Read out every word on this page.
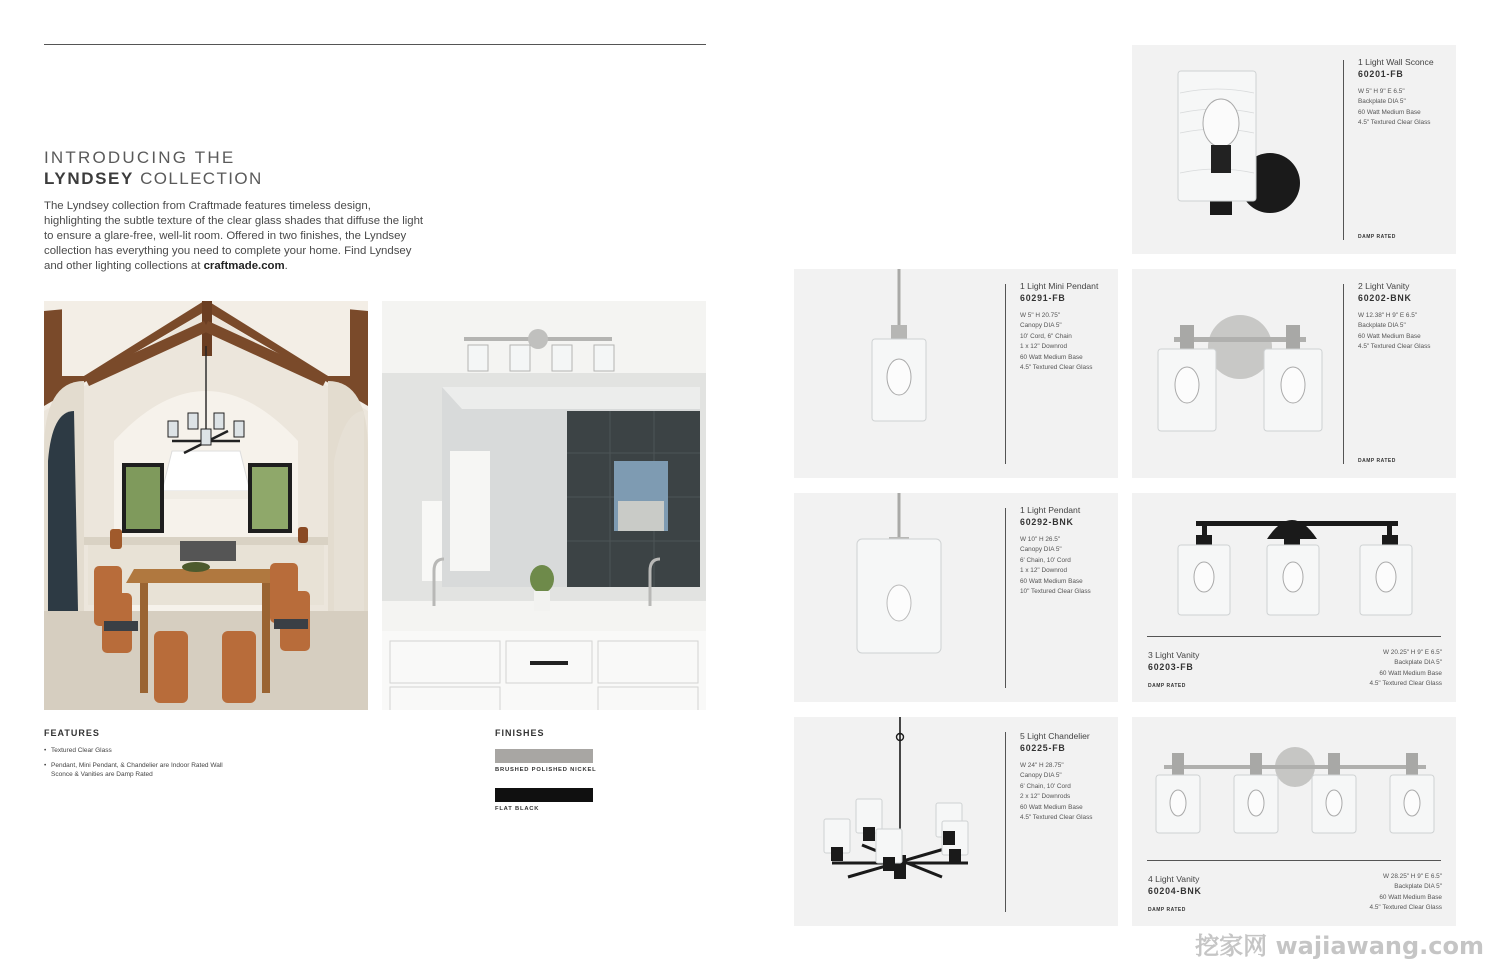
INTRODUCING THE
LYNDSEY COLLECTION
The Lyndsey collection from Craftmade features timeless design, highlighting the subtle texture of the clear glass shades that diffuse the light to ensure a glare-free, well-lit room. Offered in two finishes, the Lyndsey collection has everything you need to complete your home. Find Lyndsey and other lighting collections at craftmade.com.
FEATURES
• Textured Clear Glass
• Pendant, Mini Pendant, & Chandelier are Indoor Rated Wall Sconce & Vanities are Damp Rated
FINISHES
BRUSHED POLISHED NICKEL
FLAT BLACK
1 Light Wall Sconce
60201-FB
W 5" H 9" E 6.5"
Backplate DIA 5"
60 Watt Medium Base
4.5" Textured Clear Glass
DAMP RATED
1 Light Mini Pendant
60291-FB
W 5" H 20.75"
Canopy DIA 5"
10' Cord, 6" Chain
1 x 12" Downrod
60 Watt Medium Base
4.5" Textured Clear Glass
2 Light Vanity
60202-BNK
W 12.38" H 9" E 6.5"
Backplate DIA 5"
60 Watt Medium Base
4.5" Textured Clear Glass
DAMP RATED
1 Light Pendant
60292-BNK
W 10" H 26.5"
Canopy DIA 5"
6' Chain, 10' Cord
1 x 12" Downrod
60 Watt Medium Base
10" Textured Clear Glass
3 Light Vanity
60203-FB
DAMP RATED
W 20.25" H 9" E 6.5"
Backplate DIA 5"
60 Watt Medium Base
4.5" Textured Clear Glass
5 Light Chandelier
60225-FB
W 24" H 28.75"
Canopy DIA 5"
6' Chain, 10' Cord
2 x 12" Downrods
60 Watt Medium Base
4.5" Textured Clear Glass
4 Light Vanity
60204-BNK
DAMP RATED
W 28.25" H 9" E 6.5"
Backplate DIA 5"
60 Watt Medium Base
4.5" Textured Clear Glass
挖家网 wajiawang.com
